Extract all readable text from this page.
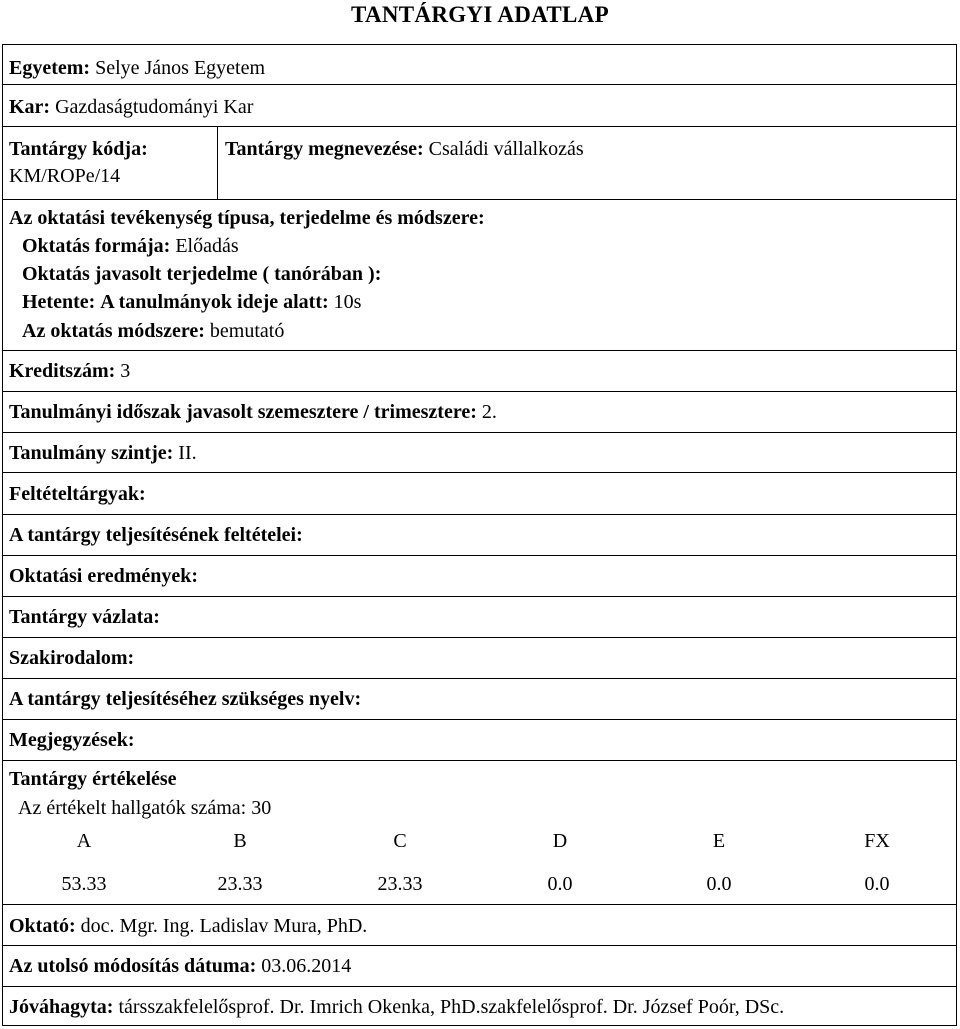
TANTÁRGYI ADATLAP
Egyetem: Selye János Egyetem
Kar: Gazdaságtudományi Kar
Tantárgy kódja:
KM/ROPe/14
Tantárgy megnevezése: Családi vállalkozás
Az oktatási tevékenység típusa, terjedelme és módszere:
Oktatás formája: Előadás
Oktatás javasolt terjedelme ( tanórában ):
Hetente: A tanulmányok ideje alatt: 10s
Az oktatás módszere: bemutató
Kreditszám: 3
Tanulmányi időszak javasolt szemesztere / trimesztere: 2.
Tanulmány szintje: II.
Feltételtárgyak:
A tantárgy teljesítésének feltételei:
Oktatási eredmények:
Tantárgy vázlata:
Szakirodalom:
A tantárgy teljesítéséhez szükséges nyelv:
Megjegyzések:
Tantárgy értékelése
Az értékelt hallgatók száma: 30
A	B	C	D	E	FX
53.33	23.33	23.33	0.0	0.0	0.0
Oktató: doc. Mgr. Ing. Ladislav Mura, PhD.
Az utolsó módosítás dátuma: 03.06.2014
Jóváhagyta: társszakfelelősprof. Dr. Imrich Okenka, PhD.szakfelelősprof. Dr. József Poór, DSc.
